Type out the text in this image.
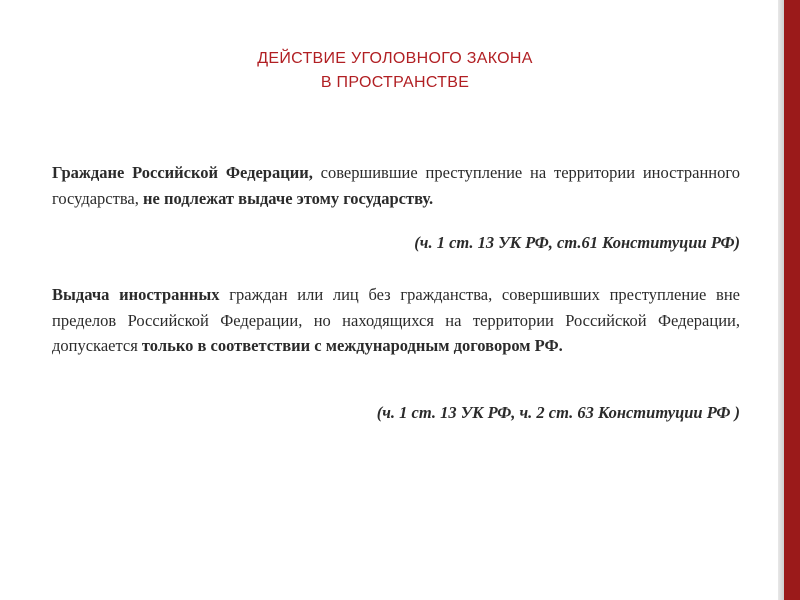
ДЕЙСТВИЕ УГОЛОВНОГО ЗАКОНА
В ПРОСТРАНСТВЕ

Граждане Российской Федерации, совершившие преступление на территории иностранного государства, не подлежат выдаче этому государству.

(ч. 1 ст. 13 УК РФ, ст.61 Конституции РФ)

Выдача иностранных граждан или лиц без гражданства, совершивших преступление вне пределов Российской Федерации, но находящихся на территории Российской Федерации, допускается только в соответствии с международным договором РФ.

(ч. 1 ст. 13 УК РФ, ч. 2 ст. 63 Конституции РФ )
